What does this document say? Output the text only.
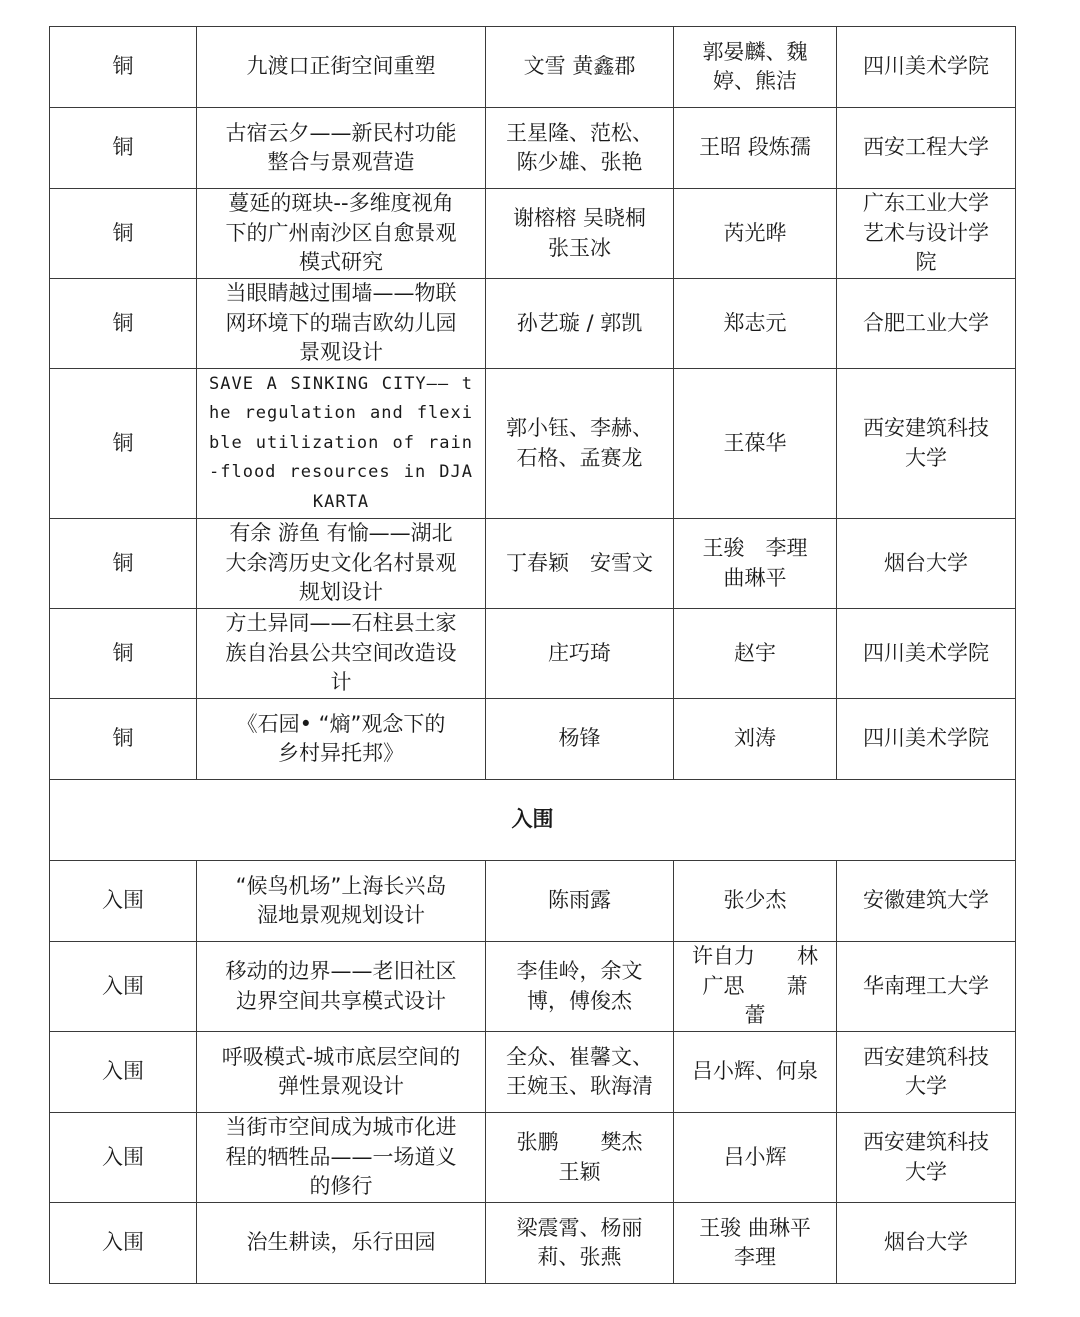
铜	九渡口正街空间重塑	文雪 黄鑫郡	郭晏麟、魏
婷、熊洁	四川美术学院
铜	古宿云夕——新民村功能
整合与景观营造	王星隆、范松、
陈少雄、张艳	王昭 段炼孺	西安工程大学
铜	蔓延的斑块--多维度视角
下的广州南沙区自愈景观
模式研究	谢榕榕 吴晓桐
张玉冰	芮光晔	广东工业大学
艺术与设计学
院
铜	当眼睛越过围墙——物联
网环境下的瑞吉欧幼儿园
景观设计	孙艺璇 / 郭凯	郑志元	合肥工业大学
铜	SAVE A SINKING CITY—— the regulation and flexible utilization of rain-flood resources in DJAKARTA	郭小钰、李赫、
石格、孟赛龙	王葆华	西安建筑科技
大学
铜	有余 游鱼 有愉——湖北
大余湾历史文化名村景观
规划设计	丁春颖　安雪文	王骏　李理
曲琳平	烟台大学
铜	方土异同——石柱县土家
族自治县公共空间改造设
计	庄巧琦	赵宇	四川美术学院
铜	《石园• “熵”观念下的
乡村异托邦》	杨锋	刘涛	四川美术学院
入围				
入围	“候鸟机场”上海长兴岛
湿地景观规划设计	陈雨露	张少杰	安徽建筑大学
入围	移动的边界——老旧社区
边界空间共享模式设计	李佳岭，余文
博，傅俊杰	许自力　　林
广思　　萧
蕾	华南理工大学
入围	呼吸模式-城市底层空间的
弹性景观设计	全众、崔馨文、
王婉玉、耿海清	吕小辉、何泉	西安建筑科技
大学
入围	当街市空间成为城市化进
程的牺牲品——一场道义
的修行	张鹏　　樊杰
王颖	吕小辉	西安建筑科技
大学
入围	治生耕读，乐行田园	梁震霄、杨丽
莉、张燕	王骏 曲琳平
李理	烟台大学
